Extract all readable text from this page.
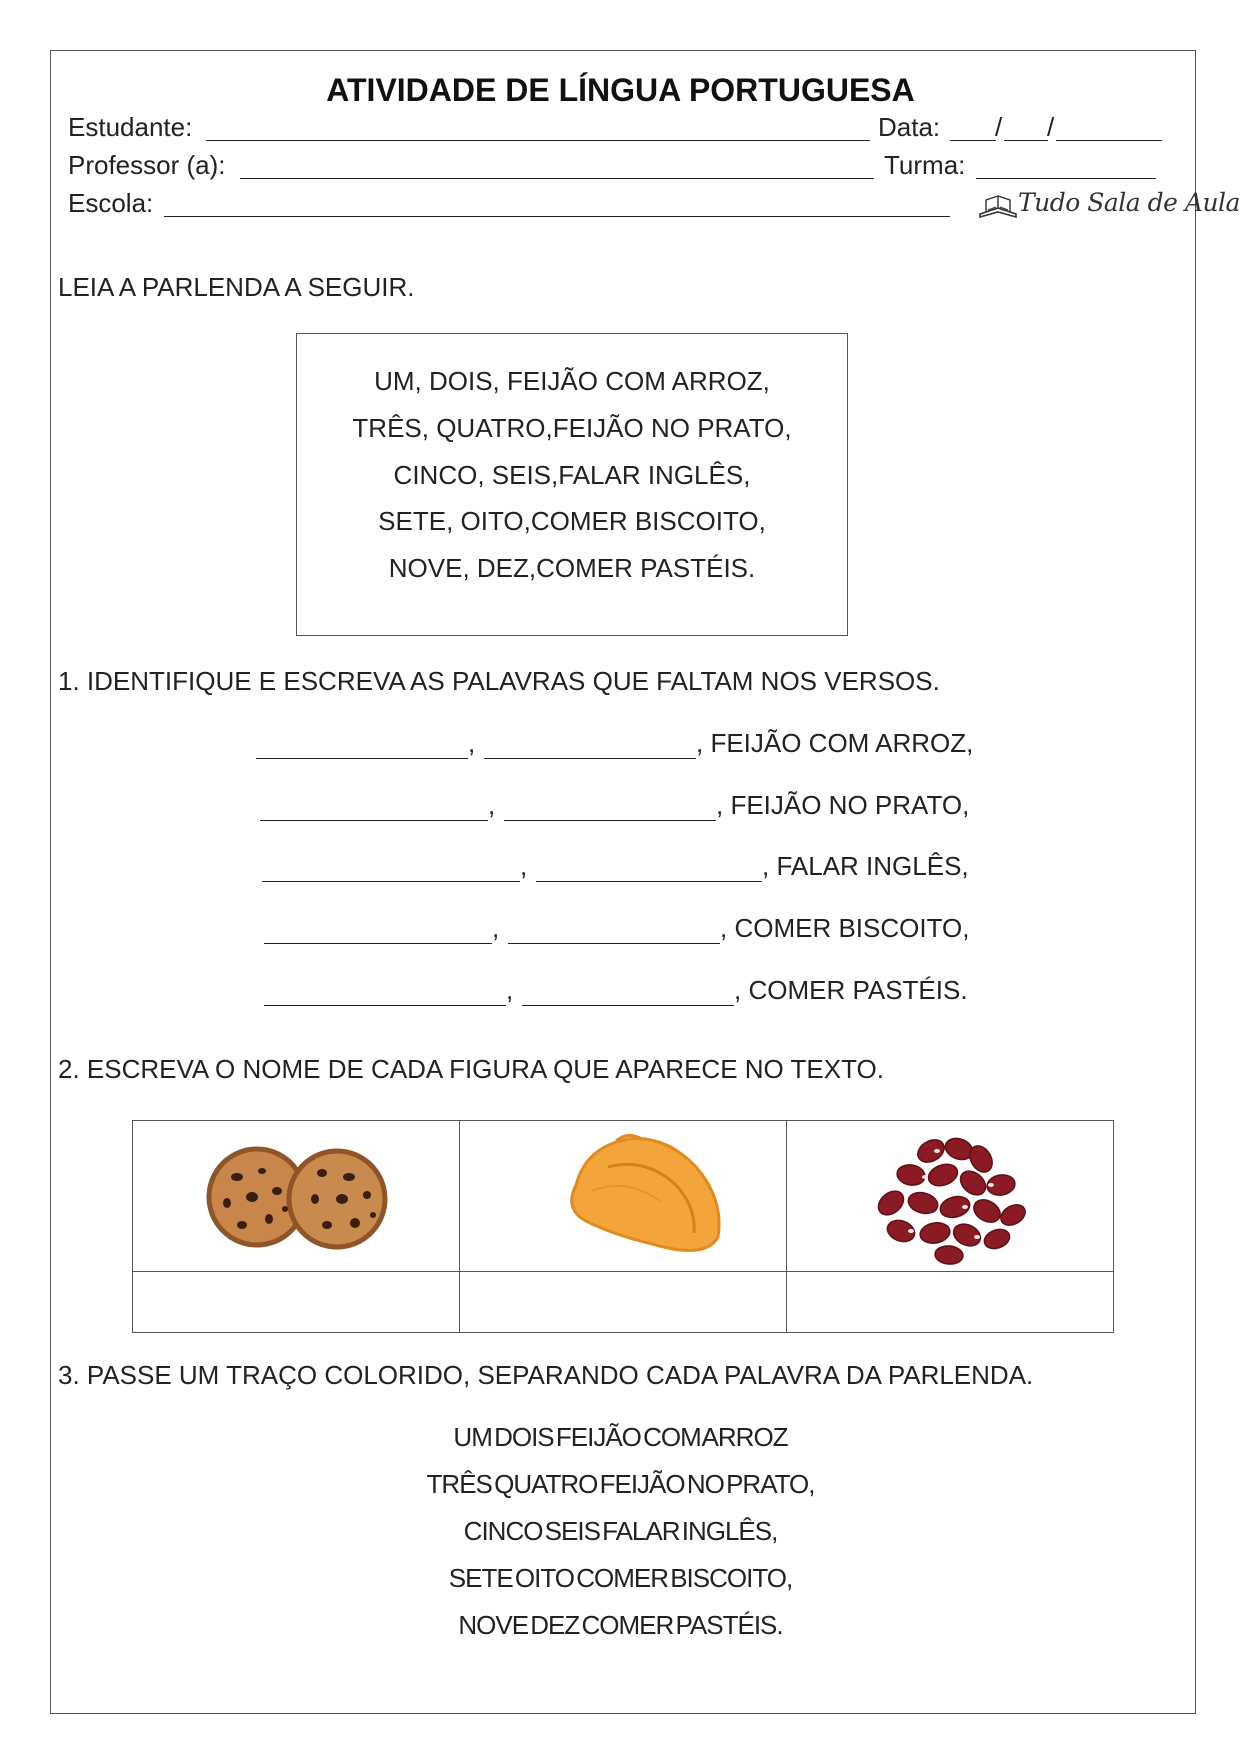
ATIVIDADE DE LÍNGUA PORTUGUESA
Estudante:	Data: / /
Professor (a):	Turma:
Escola:	Tudo Sala de Aula
LEIA A PARLENDA A SEGUIR.
UM, DOIS, FEIJÃO COM ARROZ,
TRÊS, QUATRO,FEIJÃO NO PRATO,
CINCO, SEIS,FALAR INGLÊS,
SETE, OITO,COMER BISCOITO,
NOVE, DEZ,COMER PASTÉIS.
1. IDENTIFIQUE E ESCREVA AS PALAVRAS QUE FALTAM NOS VERSOS.
,	, FEIJÃO COM ARROZ,
,	, FEIJÃO NO PRATO,
,	, FALAR INGLÊS,
,	, COMER BISCOITO,
,	, COMER PASTÉIS.
2. ESCREVA O NOME DE CADA FIGURA QUE APARECE NO TEXTO.

3. PASSE UM TRAÇO COLORIDO, SEPARANDO CADA PALAVRA DA PARLENDA.
UM DOIS FEIJÃO COM ARROZ
TRÊS QUATRO FEIJÃO NO PRATO,
CINCO SEIS FALAR INGLÊS,
SETE OITO COMER BISCOITO,
NOVE DEZ COMER PASTÉIS.
